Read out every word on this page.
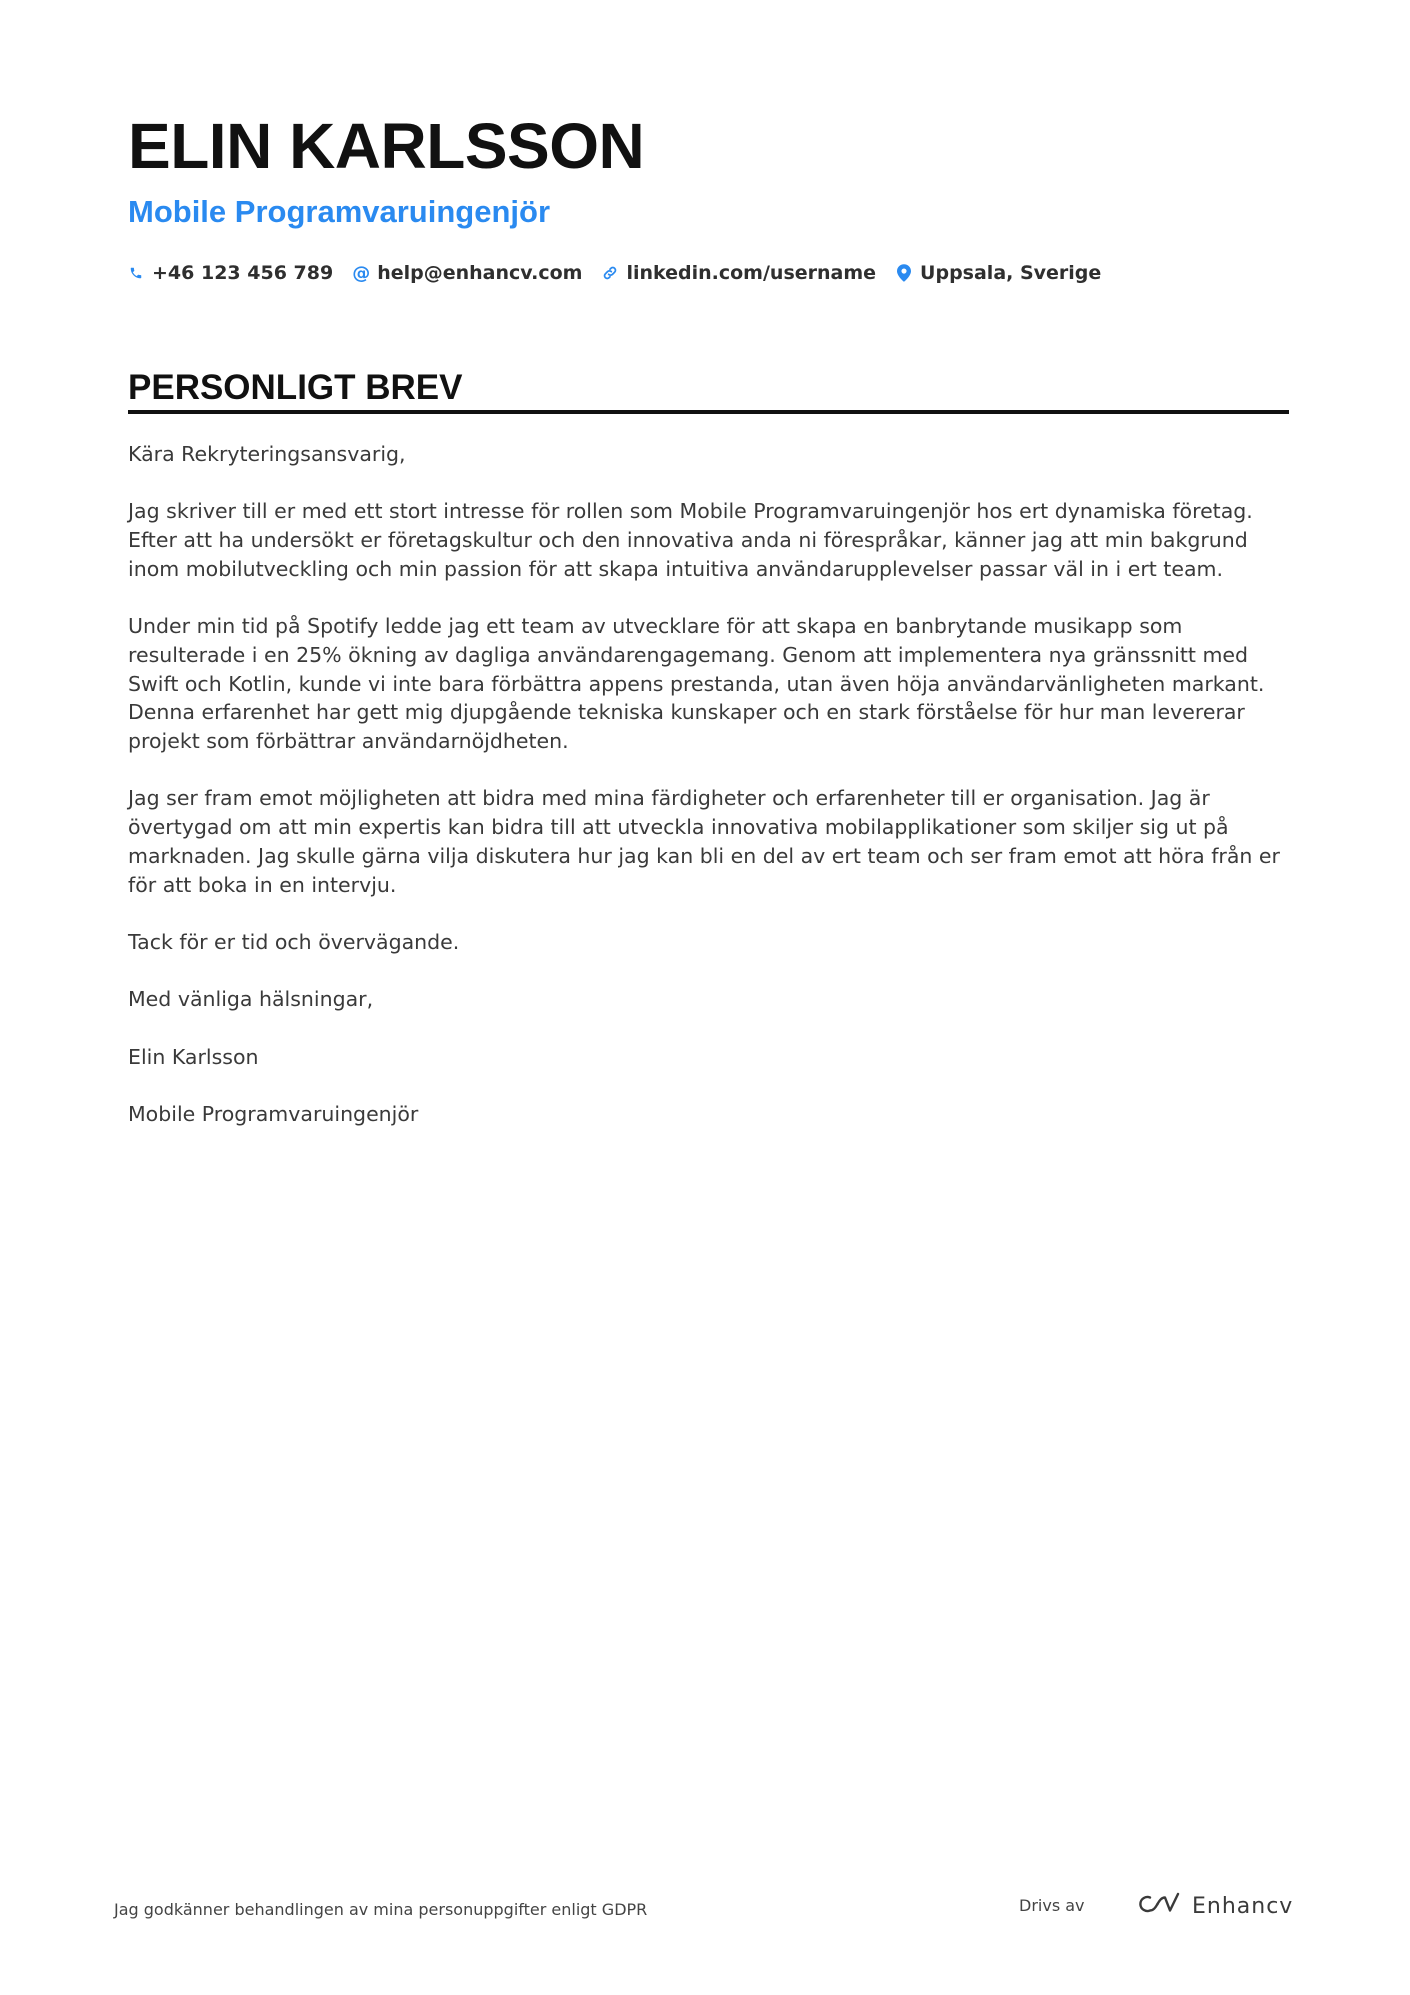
ELIN KARLSSON
Mobile Programvaruingenjör
+46 123 456 789 @ help@enhancv.com linkedin.com/username Uppsala, Sverige
PERSONLIGT BREV

Kära Rekryteringsansvarig,

Jag skriver till er med ett stort intresse för rollen som Mobile Programvaruingenjör hos ert dynamiska företag. Efter att ha undersökt er företagskultur och den innovativa anda ni förespråkar, känner jag att min bakgrund inom mobilutveckling och min passion för att skapa intuitiva användarupplevelser passar väl in i ert team.

Under min tid på Spotify ledde jag ett team av utvecklare för att skapa en banbrytande musikapp som resulterade i en 25% ökning av dagliga användarengagemang. Genom att implementera nya gränssnitt med Swift och Kotlin, kunde vi inte bara förbättra appens prestanda, utan även höja användarvänligheten markant. Denna erfarenhet har gett mig djupgående tekniska kunskaper och en stark förståelse för hur man levererar projekt som förbättrar användarnöjdheten.

Jag ser fram emot möjligheten att bidra med mina färdigheter och erfarenheter till er organisation. Jag är övertygad om att min expertis kan bidra till att utveckla innovativa mobilapplikationer som skiljer sig ut på marknaden. Jag skulle gärna vilja diskutera hur jag kan bli en del av ert team och ser fram emot att höra från er för att boka in en intervju.

Tack för er tid och övervägande.

Med vänliga hälsningar,

Elin Karlsson

Mobile Programvaruingenjör

Jag godkänner behandlingen av mina personuppgifter enligt GDPR	Drivs av	Enhancv
